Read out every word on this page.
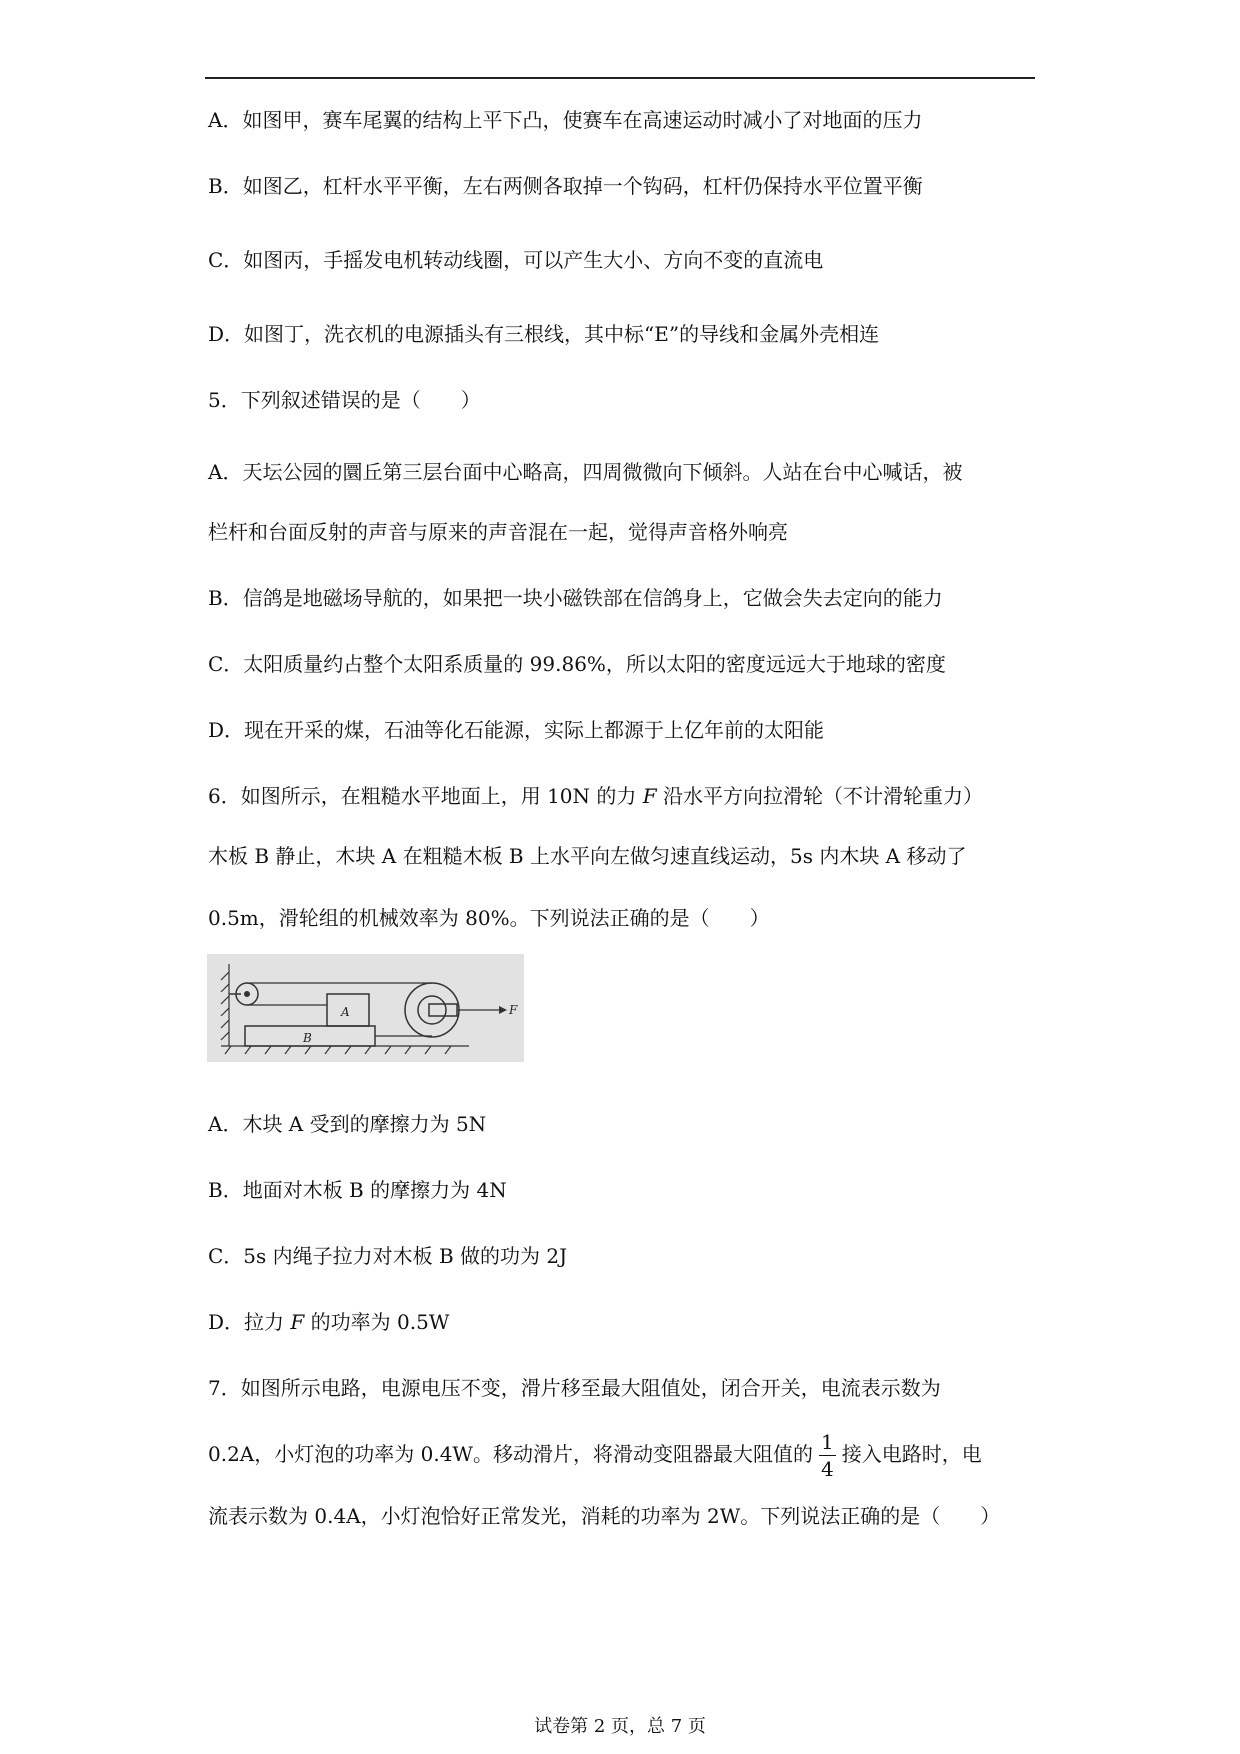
A．如图甲，赛车尾翼的结构上平下凸，使赛车在高速运动时减小了对地面的压力
B．如图乙，杠杆水平平衡，左右两侧各取掉一个钩码，杠杆仍保持水平位置平衡
C．如图丙，手摇发电机转动线圈，可以产生大小、方向不变的直流电
D．如图丁，洗衣机的电源插头有三根线，其中标“E”的导线和金属外壳相连
5．下列叙述错误的是（　　）
A．天坛公园的圜丘第三层台面中心略高，四周微微向下倾斜。人站在台中心喊话，被
栏杆和台面反射的声音与原来的声音混在一起，觉得声音格外响亮
B．信鸽是地磁场导航的，如果把一块小磁铁部在信鸽身上，它做会失去定向的能力
C．太阳质量约占整个太阳系质量的 99.86%，所以太阳的密度远远大于地球的密度
D．现在开采的煤，石油等化石能源，实际上都源于上亿年前的太阳能
6．如图所示，在粗糙水平地面上，用 10N 的力 F 沿水平方向拉滑轮（不计滑轮重力）
木板 B 静止，木块 A 在粗糙木板 B 上水平向左做匀速直线运动，5s 内木块 A 移动了
0.5m，滑轮组的机械效率为 80%。下列说法正确的是（　　）
A
B
F
A．木块 A 受到的摩擦力为 5N
B．地面对木板 B 的摩擦力为 4N
C．5s 内绳子拉力对木板 B 做的功为 2J
D．拉力 F 的功率为 0.5W
7．如图所示电路，电源电压不变，滑片移至最大阻值处，闭合开关，电流表示数为
0.2A，小灯泡的功率为 0.4W。移动滑片，将滑动变阻器最大阻值的 $\frac{1}{4}$ 接入电路时，电
流表示数为 0.4A，小灯泡恰好正常发光，消耗的功率为 2W。下列说法正确的是（　　）
试卷第 2 页，总 7 页
